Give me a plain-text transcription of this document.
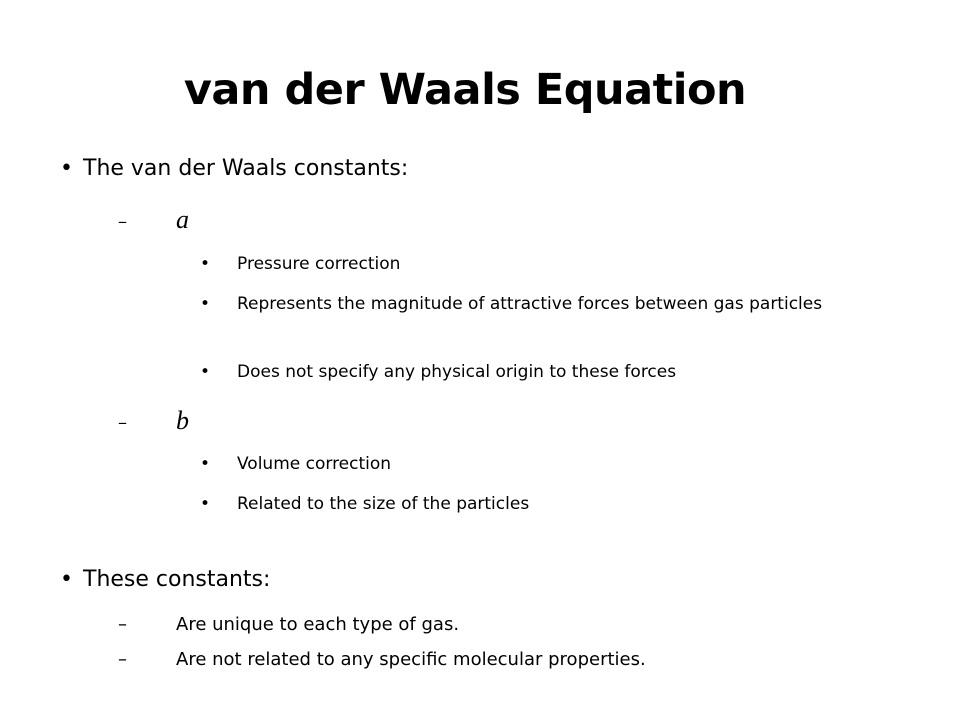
van der Waals Equation
• The van der Waals constants:
– a
• Pressure correction
• Represents the magnitude of attractive forces between gas particles
• Does not specify any physical origin to these forces
– b
• Volume correction
• Related to the size of the particles
• These constants:
–	Are unique to each type of gas.
–	Are not related to any specific molecular properties.
